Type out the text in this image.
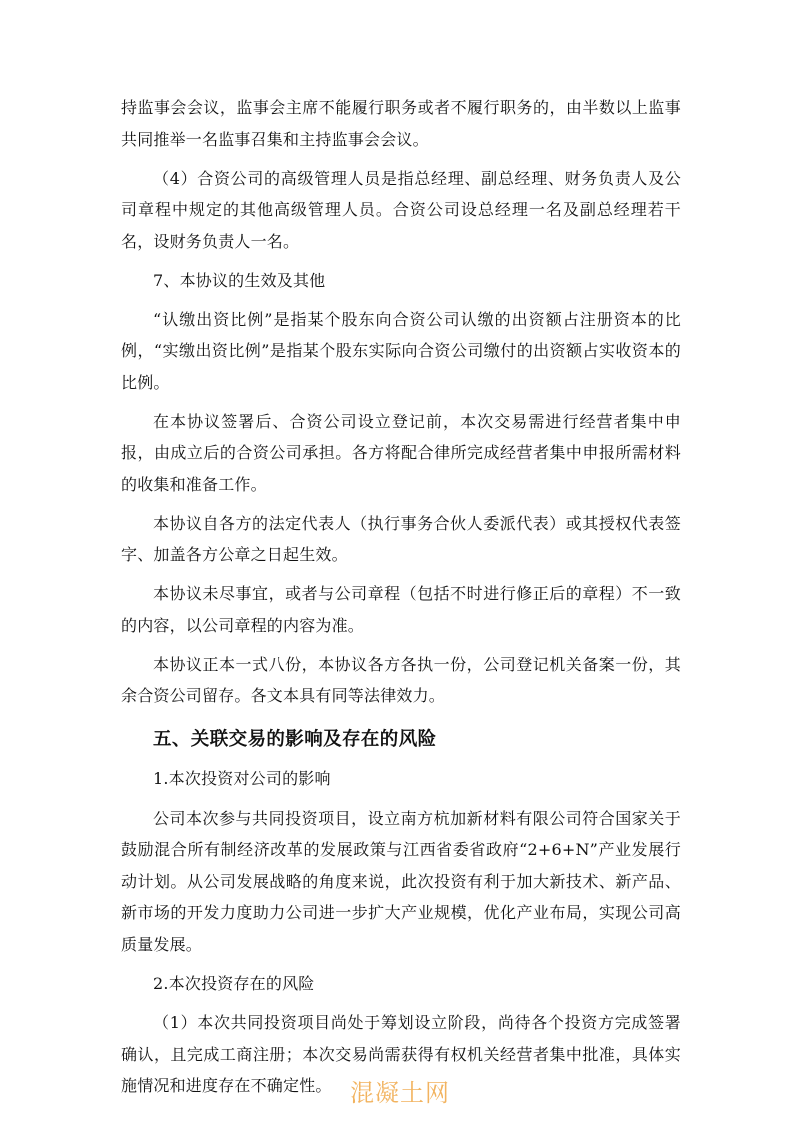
持监事会会议，监事会主席不能履行职务或者不履行职务的，由半数以上监事共同推举一名监事召集和主持监事会会议。

（4）合资公司的高级管理人员是指总经理、副总经理、财务负责人及公司章程中规定的其他高级管理人员。合资公司设总经理一名及副总经理若干名，设财务负责人一名。

7、本协议的生效及其他

“认缴出资比例”是指某个股东向合资公司认缴的出资额占注册资本的比例，“实缴出资比例”是指某个股东实际向合资公司缴付的出资额占实收资本的比例。

在本协议签署后、合资公司设立登记前，本次交易需进行经营者集中申报，由成立后的合资公司承担。各方将配合律所完成经营者集中申报所需材料的收集和准备工作。

本协议自各方的法定代表人（执行事务合伙人委派代表）或其授权代表签字、加盖各方公章之日起生效。

本协议未尽事宜，或者与公司章程（包括不时进行修正后的章程）不一致的内容，以公司章程的内容为准。

本协议正本一式八份，本协议各方各执一份，公司登记机关备案一份，其余合资公司留存。各文本具有同等法律效力。

五、关联交易的影响及存在的风险

1.本次投资对公司的影响

公司本次参与共同投资项目，设立南方杭加新材料有限公司符合国家关于鼓励混合所有制经济改革的发展政策与江西省委省政府“2+6+N”产业发展行动计划。从公司发展战略的角度来说，此次投资有利于加大新技术、新产品、新市场的开发力度助力公司进一步扩大产业规模，优化产业布局，实现公司高质量发展。

2.本次投资存在的风险

（1）本次共同投资项目尚处于筹划设立阶段，尚待各个投资方完成签署确认，且完成工商注册；本次交易尚需获得有权机关经营者集中批准，具体实施情况和进度存在不确定性。 混凝土网
